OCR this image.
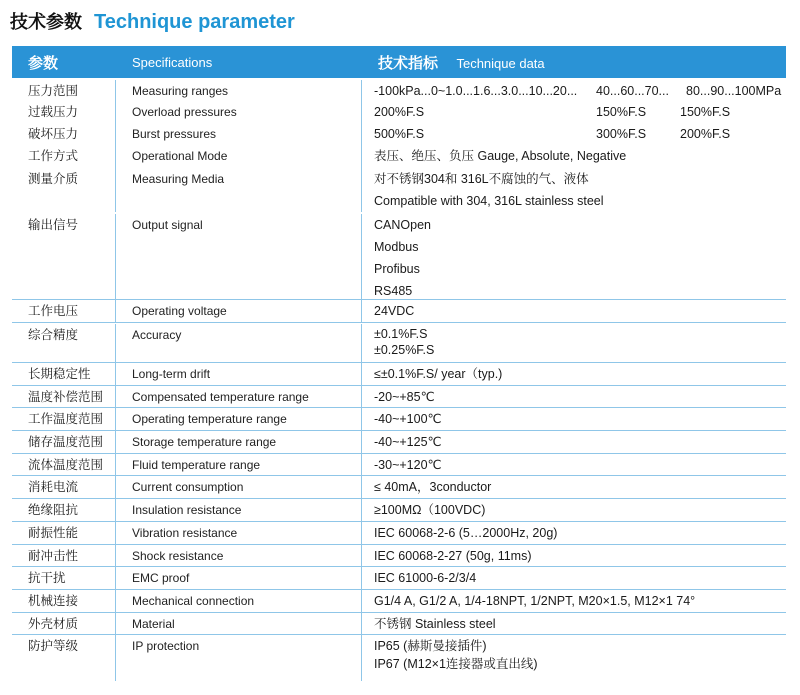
技术参数 Technique parameter
参数	Specifications	技术指标 Technique data
压力范围	Measuring ranges	-100kPa...0~1.0...1.6...3.0...10...20...	40...60...70...	80...90...100MPa
过载压力	Overload pressures	200%F.S	150%F.S	150%F.S
破坏压力	Burst pressures	500%F.S	300%F.S	200%F.S
工作方式	Operational Mode	表压、绝压、负压 Gauge, Absolute, Negative
测量介质	Measuring Media	对不锈钢304和 316L不腐蚀的气、液体
Compatible with 304, 316L stainless steel
输出信号	Output signal	CANOpen
Modbus
Profibus
RS485
工作电压	Operating voltage	24VDC
综合精度	Accuracy	±0.1%F.S
±0.25%F.S
长期稳定性	Long-term drift	≤±0.1%F.S/ year（typ.)
温度补偿范围	Compensated temperature range	-20~+85℃
工作温度范围	Operating temperature range	-40~+100℃
储存温度范围	Storage temperature range	-40~+125℃
流体温度范围	Fluid temperature range	-30~+120℃
消耗电流	Current consumption	≤ 40mA，3conductor
绝缘阻抗	Insulation resistance	≥100MΩ（100VDC)
耐振性能	Vibration resistance	IEC 60068-2-6 (5…2000Hz, 20g)
耐冲击性	Shock resistance	IEC 60068-2-27 (50g, 11ms)
抗干扰	EMC proof	IEC 61000-6-2/3/4
机械连接	Mechanical connection	G1/4 A, G1/2 A, 1/4-18NPT, 1/2NPT, M20×1.5, M12×1 74°
外壳材质	Material	不锈钢 Stainless steel
防护等级	IP protection	IP65 (赫斯曼接插件)
IP67 (M12×1连接器或直出线)
